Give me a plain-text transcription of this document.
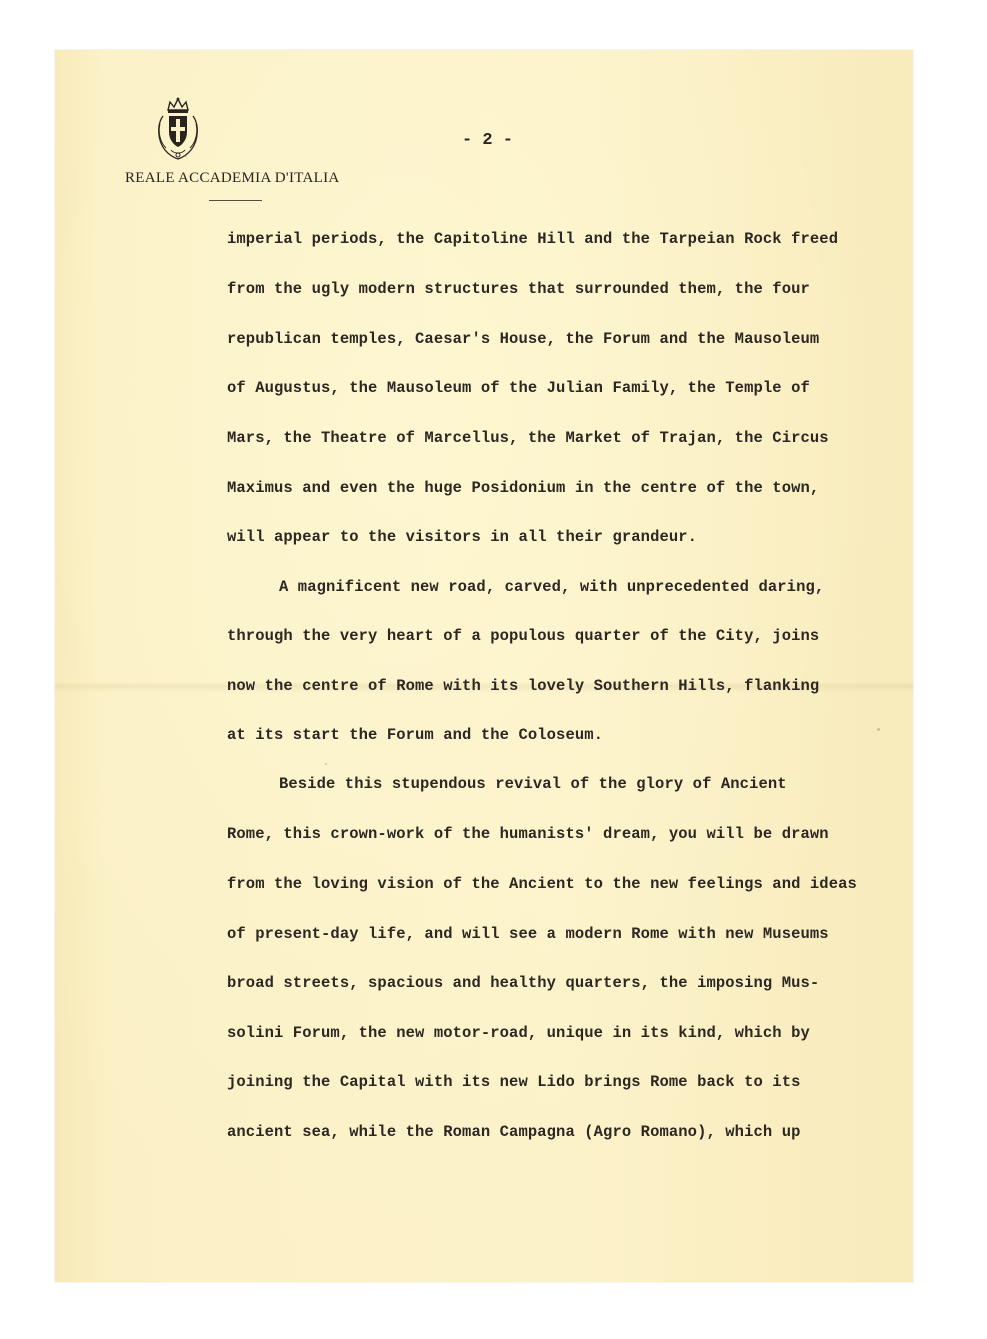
REALE ACCADEMIA D'ITALIA
- 2 -
imperial periods, the Capitoline Hill and the Tarpeian Rock freed
from the ugly modern structures that surrounded them, the four
republican temples, Caesar's House, the Forum and the Mausoleum
of Augustus, the Mausoleum of the Julian Family, the Temple of
Mars, the Theatre of Marcellus, the Market of Trajan, the Circus
Maximus and even the huge Posidonium in the centre of the town,
will appear to the visitors in all their grandeur.
A magnificent new road, carved, with unprecedented daring,
through the very heart of a populous quarter of the City, joins
now the centre of Rome with its lovely Southern Hills, flanking
at its start the Forum and the Coloseum.
Beside this stupendous revival of the glory of Ancient
Rome, this crown-work of the humanists' dream, you will be drawn
from the loving vision of the Ancient to the new feelings and ideas
of present-day life, and will see a modern Rome with new Museums
broad streets, spacious and healthy quarters, the imposing Mus-
solini Forum, the new motor-road, unique in its kind, which by
joining the Capital with its new Lido brings Rome back to its
ancient sea, while the Roman Campagna (Agro Romano), which up
